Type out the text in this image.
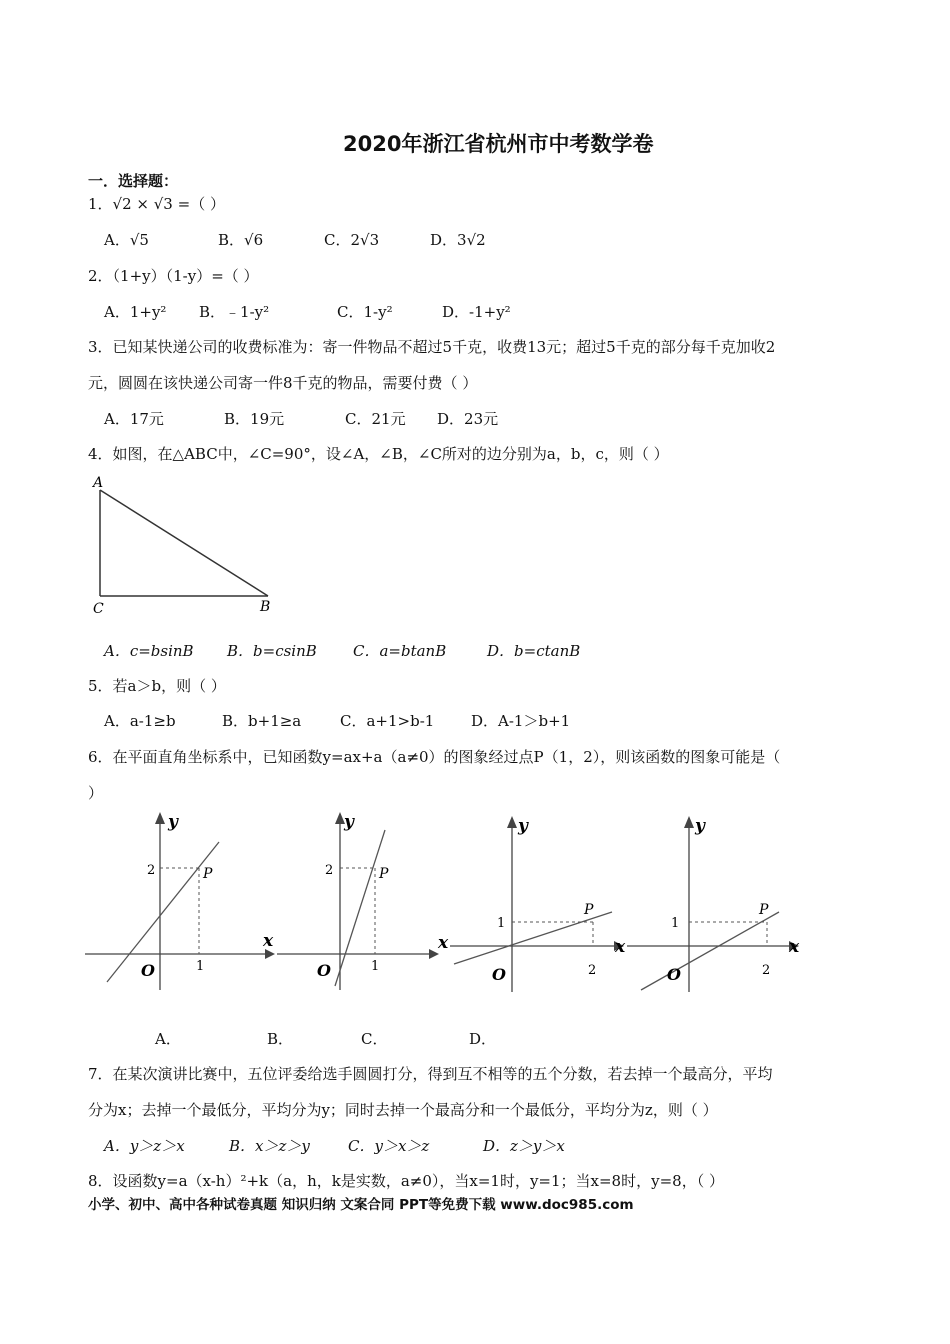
2020年浙江省杭州市中考数学卷
一．选择题：
1．√2 × √3 =（ ）
A．√5	B．√6	C．2√3	D．3√2
2．（1+y）（1-y）=（ ）
A．1+y² B．﹣1-y²	C．1-y²	D．-1+y²
3．已知某快递公司的收费标准为：寄一件物品不超过5千克，收费13元；超过5千克的部分每千克加收2
元，圆圆在该快递公司寄一件8千克的物品，需要付费（ ）
A．17元	B．19元	C．21元 D．23元
4．如图，在△ABC中，∠C=90°，设∠A，∠B，∠C所对的边分别为a，b，c，则（ ）
A
C	B
A．c=bsinB B．b=csinB C．a=btanB	D．b=ctanB
5．若a＞b，则（ ）
A．a-1≥b	B．b+1≥a	C．a+1>b-1 D．A-1＞b+1
6．在平面直角坐标系中，已知函数y=ax+a（a≠0）的图象经过点P（1，2），则该函数的图象可能是（
）
y
x
O
P
2
1
y
x
O
P
2
1
y
x
O
P
1
2
y
x
O
P
1
2
A．	B．	C．	D．
7．在某次演讲比赛中，五位评委给选手圆圆打分，得到互不相等的五个分数，若去掉一个最高分，平均
分为x；去掉一个最低分，平均分为y；同时去掉一个最高分和一个最低分，平均分为z，则（ ）
A．y＞z＞x	B．x＞z＞y	C．y＞x＞z	D．z＞y＞x
8．设函数y=a（x-h）²+k（a，h，k是实数，a≠0），当x=1时，y=1；当x=8时，y=8，（ ）
小学、初中、高中各种试卷真题 知识归纳 文案合同 PPT等免费下载 www.doc985.com
